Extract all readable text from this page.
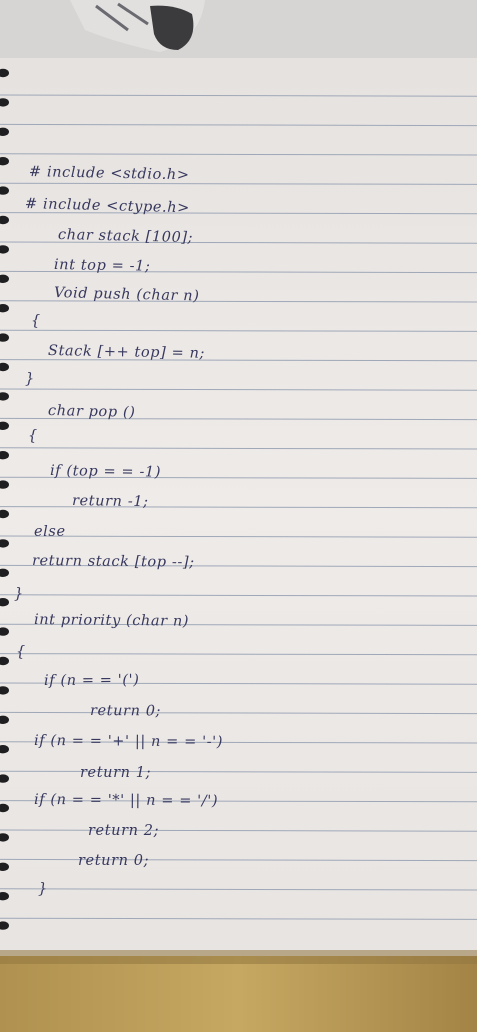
# include <stdio.h>
# include <ctype.h>
char stack [100];
int top = -1;
Void push (char n)
{
Stack [++ top] = n;
}
char pop ()
{
if (top = = -1)
return -1;
else
return stack [top --];
}
int priority (char n)
{
if (n = = '(')
return 0;
if (n = = '+' || n = = '-')
return 1;
if (n = = '*' || n = = '/')
return 2;
return 0;
}
